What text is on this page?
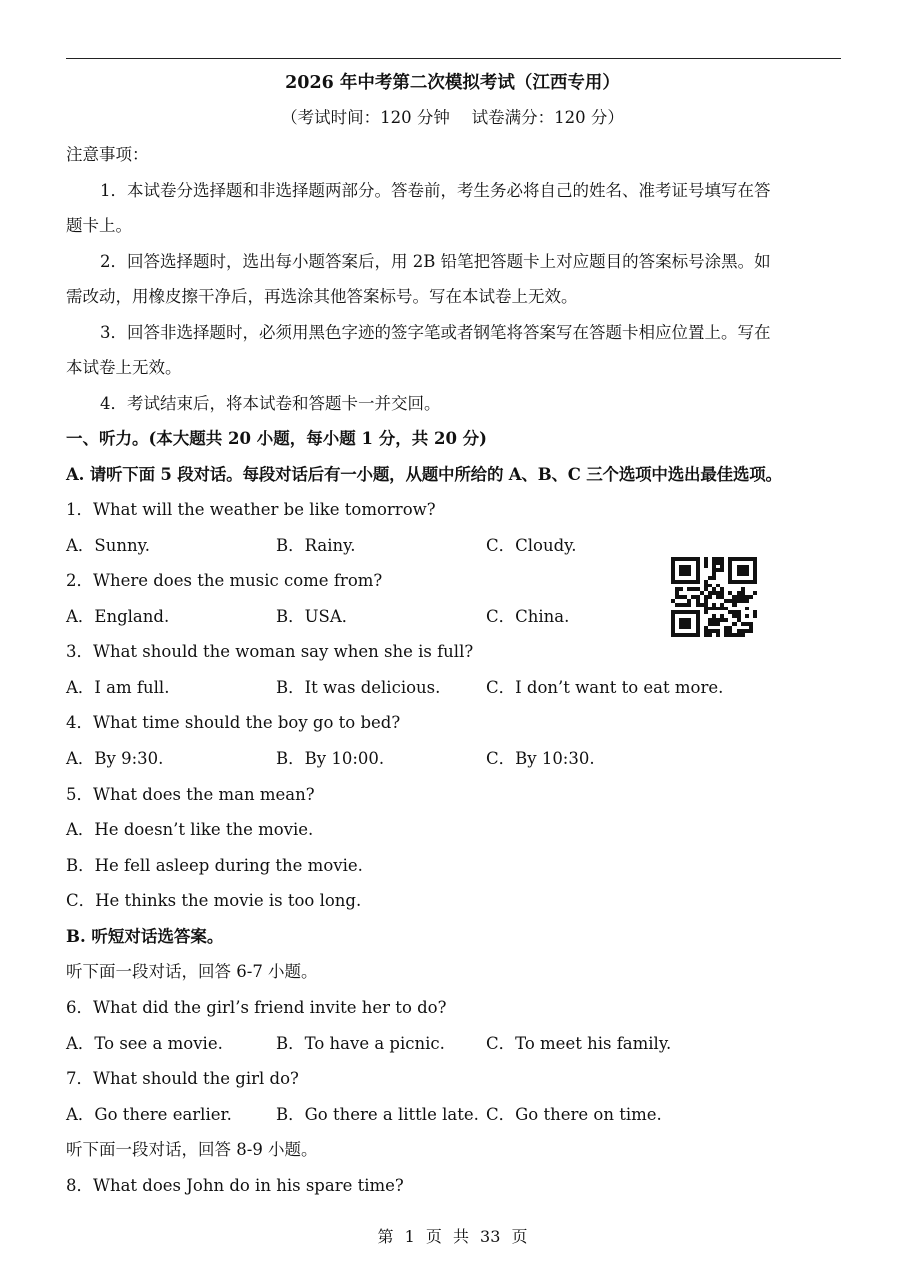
2026 年中考第二次模拟考试（江西专用）
（考试时间：120 分钟　 试卷满分：120 分）
注意事项：
1．本试卷分选择题和非选择题两部分。答卷前，考生务必将自己的姓名、准考证号填写在答
题卡上。
2．回答选择题时，选出每小题答案后，用 2B 铅笔把答题卡上对应题目的答案标号涂黑。如
需改动，用橡皮擦干净后，再选涂其他答案标号。写在本试卷上无效。
3．回答非选择题时，必须用黑色字迹的签字笔或者钢笔将答案写在答题卡相应位置上。写在
本试卷上无效。
4．考试结束后，将本试卷和答题卡一并交回。
一、听力。(本大题共 20 小题，每小题 1 分，共 20 分)
A. 请听下面 5 段对话。每段对话后有一小题，从题中所给的 A、B、C 三个选项中选出最佳选项。
1．What will the weather be like tomorrow?
A．Sunny.	B．Rainy.	C．Cloudy.
2．Where does the music come from?
A．England.	B．USA．	C．China.
3．What should the woman say when she is full?
A．I am full.	B．It was delicious.	C．I don’t want to eat more.
4．What time should the boy go to bed?
A．By 9:30.	B．By 10:00.	C．By 10:30.
5．What does the man mean?
A．He doesn’t like the movie.
B．He fell asleep during the movie.
C．He thinks the movie is too long.
B. 听短对话选答案。
听下面一段对话，回答 6-7 小题。
6．What did the girl’s friend invite her to do?
A．To see a movie.	B．To have a picnic. C．To meet his family.
7．What should the girl do?
A．Go there earlier.	B．Go there a little late. C．Go there on time.
听下面一段对话，回答 8-9 小题。
8．What does John do in his spare time?
第 1 页 共 33 页
